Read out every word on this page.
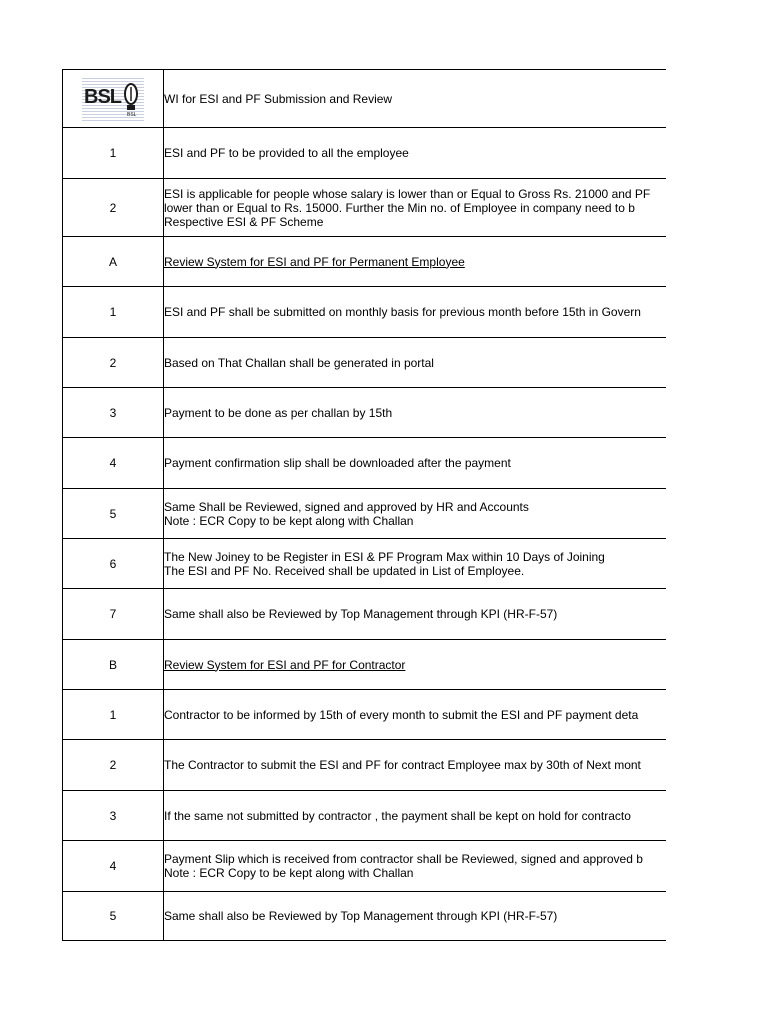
BSL
BSL	WI for ESI and PF Submission and Review
1	ESI and PF to be provided to all the employee

2	ESI is applicable for people whose salary is lower than or Equal to Gross Rs. 21000 and PF
lower than or Equal to Rs. 15000. Further the Min no. of Employee in company need to b
Respective ESI & PF Scheme

A	Review System for ESI and PF for Permanent Employee

1	ESI and PF shall be submitted on monthly basis for previous month before 15th in Govern

2	Based on That Challan shall be generated in portal

3	Payment to be done as per challan by 15th

4	Payment confirmation slip shall be downloaded after the payment

5	Same Shall be Reviewed, signed and approved by HR and Accounts
Note : ECR Copy to be kept along with Challan

6	The New Joiney to be Register in ESI & PF Program Max within 10 Days of Joining
The ESI and PF No. Received shall be updated in List of Employee.

7	Same shall also be Reviewed by Top Management through KPI (HR-F-57)

B	Review System for ESI and PF for Contractor

1	Contractor to be informed by 15th of every month to submit the ESI and PF payment deta

2	The Contractor to submit the ESI and PF for contract Employee max by 30th of Next mont

3	If the same not submitted by contractor , the payment shall be kept on hold for contracto

4	Payment Slip which is received from contractor shall be Reviewed, signed and approved b
Note : ECR Copy to be kept along with Challan

5	Same shall also be Reviewed by Top Management through KPI (HR-F-57)
